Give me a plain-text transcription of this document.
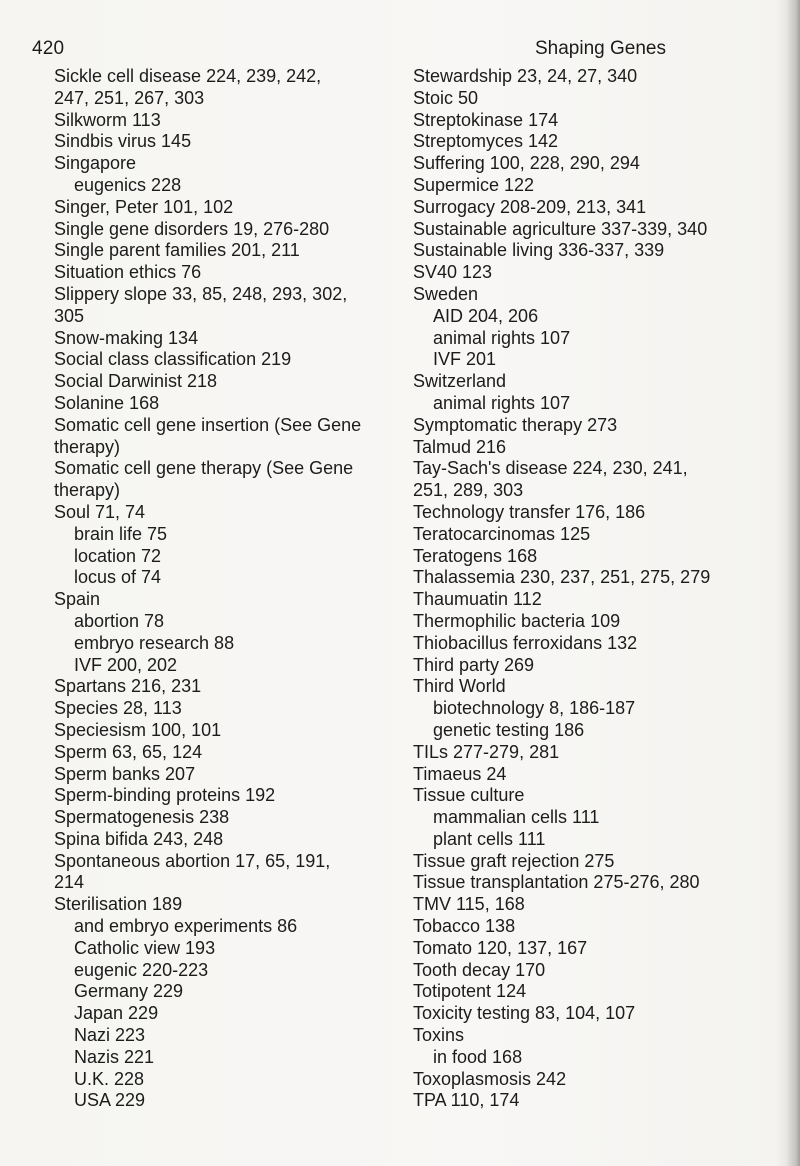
420	Shaping Genes
Sickle cell disease 224, 239, 242,
247, 251, 267, 303
Silkworm 113
Sindbis virus 145
Singapore
eugenics 228
Singer, Peter 101, 102
Single gene disorders 19, 276-280
Single parent families 201, 211
Situation ethics 76
Slippery slope 33, 85, 248, 293, 302,
305
Snow-making 134
Social class classification 219
Social Darwinist 218
Solanine 168
Somatic cell gene insertion (See Gene
therapy)
Somatic cell gene therapy (See Gene
therapy)
Soul 71, 74
brain life 75
location 72
locus of 74
Spain
abortion 78
embryo research 88
IVF 200, 202
Spartans 216, 231
Species 28, 113
Speciesism 100, 101
Sperm 63, 65, 124
Sperm banks 207
Sperm-binding proteins 192
Spermatogenesis 238
Spina bifida 243, 248
Spontaneous abortion 17, 65, 191,
214
Sterilisation 189
and embryo experiments 86
Catholic view 193
eugenic 220-223
Germany 229
Japan 229
Nazi 223
Nazis 221
U.K. 228
USA 229
Stewardship 23, 24, 27, 340
Stoic 50
Streptokinase 174
Streptomyces 142
Suffering 100, 228, 290, 294
Supermice 122
Surrogacy 208-209, 213, 341
Sustainable agriculture 337-339, 340
Sustainable living 336-337, 339
SV40 123
Sweden
AID 204, 206
animal rights 107
IVF 201
Switzerland
animal rights 107
Symptomatic therapy 273
Talmud 216
Tay-Sach's disease 224, 230, 241,
251, 289, 303
Technology transfer 176, 186
Teratocarcinomas 125
Teratogens 168
Thalassemia 230, 237, 251, 275, 279
Thaumuatin 112
Thermophilic bacteria 109
Thiobacillus ferroxidans 132
Third party 269
Third World
biotechnology 8, 186-187
genetic testing 186
TILs 277-279, 281
Timaeus 24
Tissue culture
mammalian cells 111
plant cells 111
Tissue graft rejection 275
Tissue transplantation 275-276, 280
TMV 115, 168
Tobacco 138
Tomato 120, 137, 167
Tooth decay 170
Totipotent 124
Toxicity testing 83, 104, 107
Toxins
in food 168
Toxoplasmosis 242
TPA 110, 174
